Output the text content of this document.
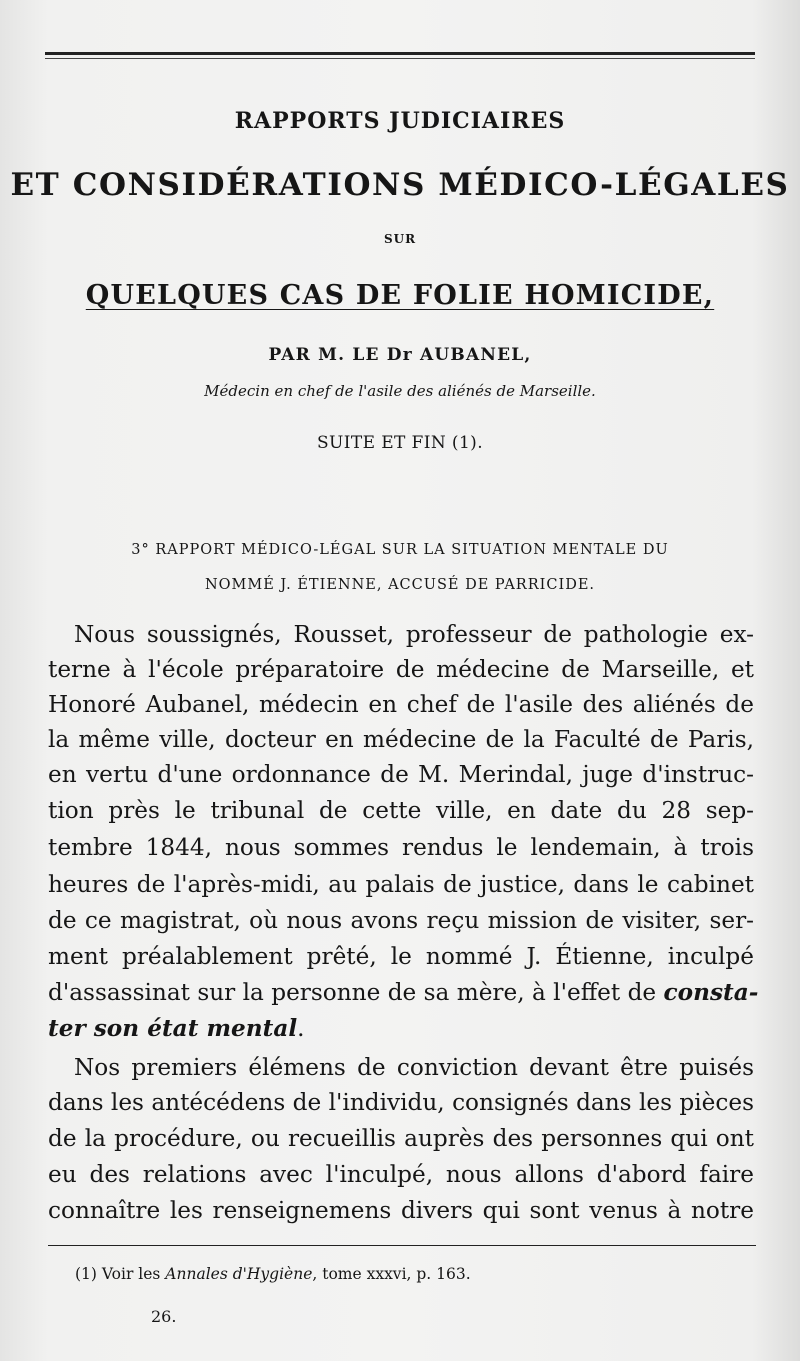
RAPPORTS JUDICIAIRES
ET CONSIDÉRATIONS MÉDICO-LÉGALES
SUR
QUELQUES CAS DE FOLIE HOMICIDE,
PAR M. LE Dr AUBANEL,
Médecin en chef de l'asile des aliénés de Marseille.
SUITE ET FIN (1).
3° RAPPORT MÉDICO-LÉGAL SUR LA SITUATION MENTALE DU
NOMMÉ J. ÉTIENNE, ACCUSÉ DE PARRICIDE.
Nous soussignés, Rousset, professeur de pathologie ex-
terne à l'école préparatoire de médecine de Marseille, et
Honoré Aubanel, médecin en chef de l'asile des aliénés de
la même ville, docteur en médecine de la Faculté de Paris,
en vertu d'une ordonnance de M. Merindal, juge d'instruc-
tion près le tribunal de cette ville, en date du 28 sep-
tembre 1844, nous sommes rendus le lendemain, à trois
heures de l'après-midi, au palais de justice, dans le cabinet
de ce magistrat, où nous avons reçu mission de visiter, ser-
ment préalablement prêté, le nommé J. Étienne, inculpé
d'assassinat sur la personne de sa mère, à l'effet de consta-
ter son état mental.
Nos premiers élémens de conviction devant être puisés
dans les antécédens de l'individu, consignés dans les pièces
de la procédure, ou recueillis auprès des personnes qui ont
eu des relations avec l'inculpé, nous allons d'abord faire
connaître les renseignemens divers qui sont venus à notre
(1) Voir les Annales d'Hygiène, tome xxxvi, p. 163.
26.
